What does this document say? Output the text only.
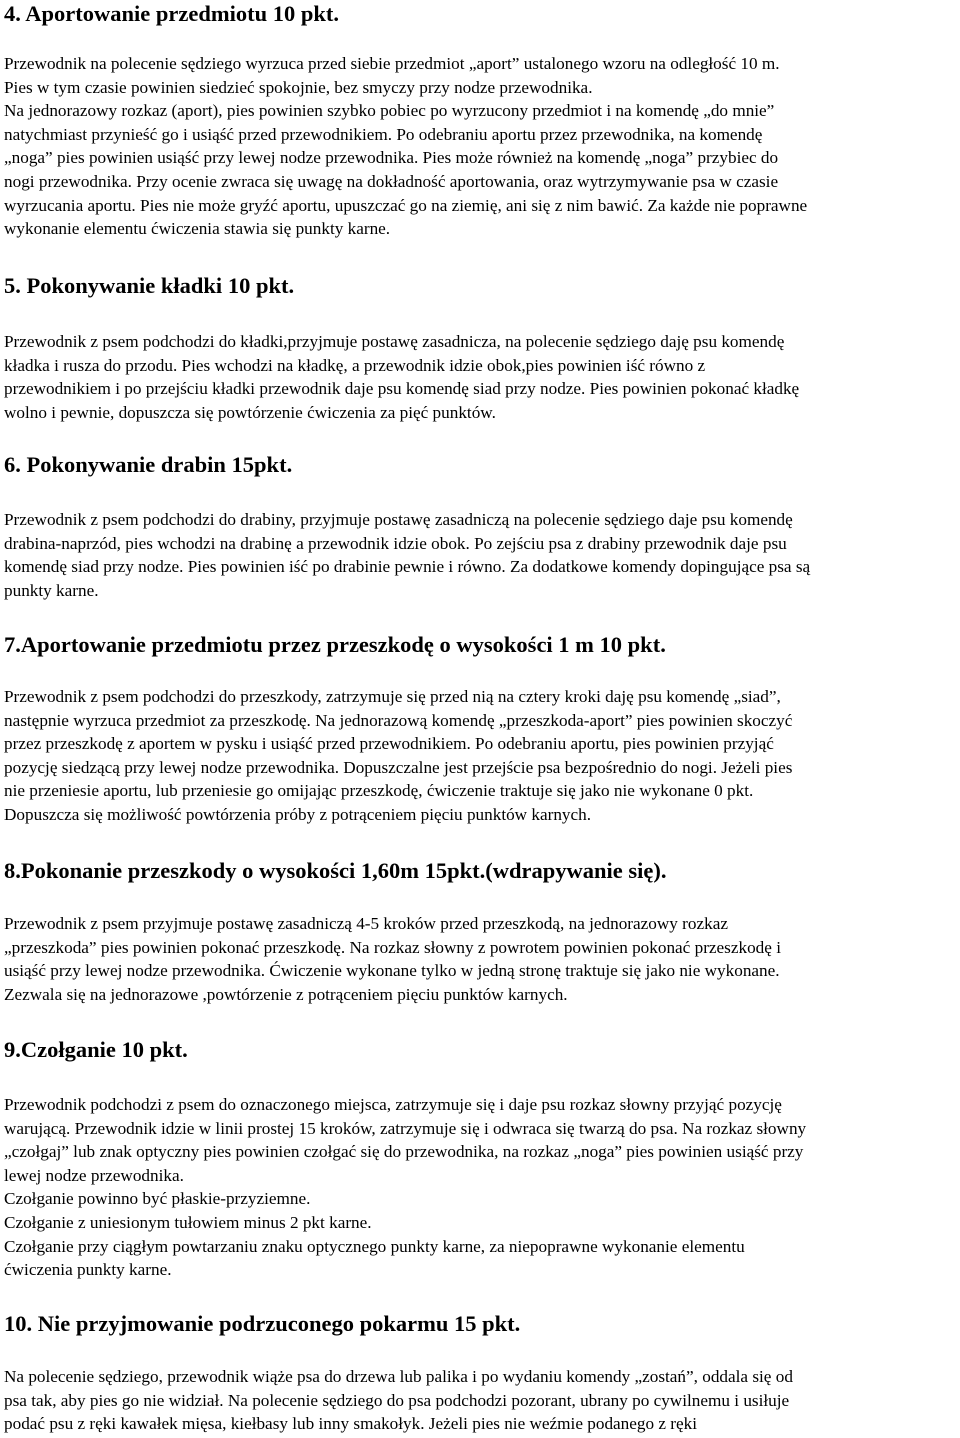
4. Aportowanie przedmiotu 10 pkt.
Przewodnik na polecenie sędziego wyrzuca przed siebie przedmiot „aport” ustalonego wzoru na odległość 10 m.
Pies w tym czasie powinien siedzieć spokojnie, bez smyczy przy nodze przewodnika.
Na jednorazowy rozkaz (aport), pies powinien szybko pobiec po wyrzucony przedmiot i na komendę „do mnie”
natychmiast przynieść go i usiąść przed przewodnikiem. Po odebraniu aportu przez przewodnika, na komendę
„noga” pies powinien usiąść przy lewej nodze przewodnika. Pies może również na komendę „noga” przybiec do
nogi przewodnika. Przy ocenie zwraca się uwagę na dokładność aportowania, oraz wytrzymywanie psa w czasie
wyrzucania aportu. Pies nie może gryźć aportu, upuszczać go na ziemię, ani się z nim bawić. Za każde nie poprawne
wykonanie elementu ćwiczenia stawia się punkty karne.
5. Pokonywanie kładki 10 pkt.
Przewodnik z psem podchodzi do kładki,przyjmuje postawę zasadnicza, na polecenie sędziego daję psu komendę
kładka i rusza do przodu. Pies wchodzi na kładkę, a przewodnik idzie obok,pies powinien iść równo z
przewodnikiem i po przejściu kładki przewodnik daje psu komendę siad przy nodze. Pies powinien pokonać kładkę
wolno i pewnie, dopuszcza się powtórzenie ćwiczenia za pięć punktów.
6. Pokonywanie drabin 15pkt.
Przewodnik z psem podchodzi do drabiny, przyjmuje postawę zasadniczą na polecenie sędziego daje psu komendę
drabina-naprzód, pies wchodzi na drabinę a przewodnik idzie obok. Po zejściu psa z drabiny przewodnik daje psu
komendę siad przy nodze. Pies powinien iść po drabinie pewnie i równo. Za dodatkowe komendy dopingujące psa są
punkty karne.
7.Aportowanie przedmiotu przez przeszkodę o wysokości 1 m 10 pkt.
Przewodnik z psem podchodzi do przeszkody, zatrzymuje się przed nią na cztery kroki daję psu komendę „siad”,
następnie wyrzuca przedmiot za przeszkodę. Na jednorazową komendę „przeszkoda-aport” pies powinien skoczyć
przez przeszkodę z aportem w pysku i usiąść przed przewodnikiem. Po odebraniu aportu, pies powinien przyjąć
pozycję siedzącą przy lewej nodze przewodnika. Dopuszczalne jest przejście psa bezpośrednio do nogi. Jeżeli pies
nie przeniesie aportu, lub przeniesie go omijając przeszkodę, ćwiczenie traktuje się jako nie wykonane 0 pkt.
Dopuszcza się możliwość powtórzenia próby z potrąceniem pięciu punktów karnych.
8.Pokonanie przeszkody o wysokości 1,60m 15pkt.(wdrapywanie się).
Przewodnik z psem przyjmuje postawę zasadniczą 4-5 kroków przed przeszkodą, na jednorazowy rozkaz
„przeszkoda” pies powinien pokonać przeszkodę. Na rozkaz słowny z powrotem powinien pokonać przeszkodę i
usiąść przy lewej nodze przewodnika. Ćwiczenie wykonane tylko w jedną stronę traktuje się jako nie wykonane.
Zezwala się na jednorazowe ,powtórzenie z potrąceniem pięciu punktów karnych.
9.Czołganie 10 pkt.
Przewodnik podchodzi z psem do oznaczonego miejsca, zatrzymuje się i daje psu rozkaz słowny przyjąć pozycję
warującą. Przewodnik idzie w linii prostej 15 kroków, zatrzymuje się i odwraca się twarzą do psa. Na rozkaz słowny
„czołgaj” lub znak optyczny pies powinien czołgać się do przewodnika, na rozkaz „noga” pies powinien usiąść przy
lewej nodze przewodnika.
Czołganie powinno być płaskie-przyziemne.
Czołganie z uniesionym tułowiem minus 2 pkt karne.
Czołganie przy ciągłym powtarzaniu znaku optycznego punkty karne, za niepoprawne wykonanie elementu
ćwiczenia punkty karne.
10. Nie przyjmowanie podrzuconego pokarmu 15 pkt.
Na polecenie sędziego, przewodnik wiąże psa do drzewa lub palika i po wydaniu komendy „zostań”, oddala się od
psa tak, aby pies go nie widział. Na polecenie sędziego do psa podchodzi pozorant, ubrany po cywilnemu i usiłuje
podać psu z ręki kawałek mięsa, kiełbasy lub inny smakołyk. Jeżeli pies nie weźmie podanego z ręki
